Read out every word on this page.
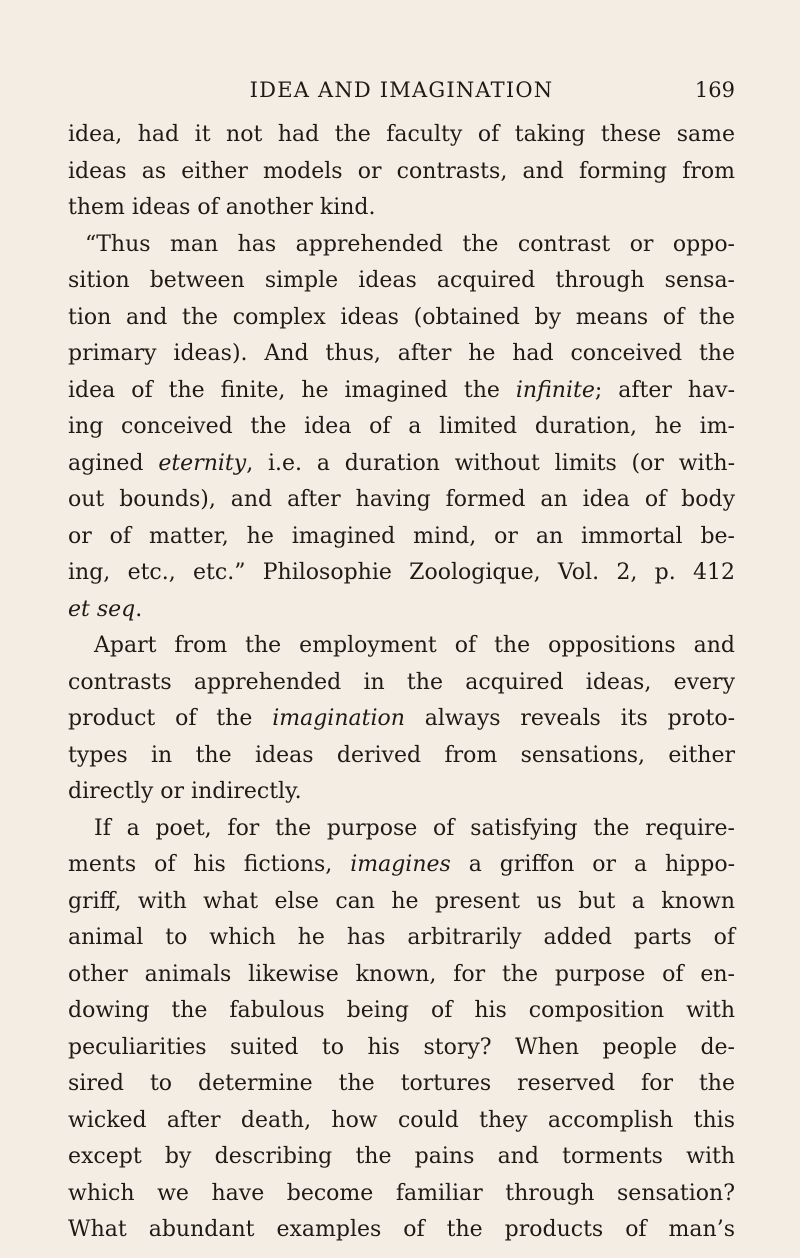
IDEA AND IMAGINATION	169
idea, had it not had the faculty of taking these same
ideas as either models or contrasts, and forming from
them ideas of another kind.
“Thus man has apprehended the contrast or oppo-
sition between simple ideas acquired through sensa-
tion and the complex ideas (obtained by means of the
primary ideas). And thus, after he had conceived the
idea of the finite, he imagined the infinite; after hav-
ing conceived the idea of a limited duration, he im-
agined eternity, i.e. a duration without limits (or with-
out bounds), and after having formed an idea of body
or of matter, he imagined mind, or an immortal be-
ing, etc., etc.” Philosophie Zoologique, Vol. 2, p. 412
et seq.
Apart from the employment of the oppositions and
contrasts apprehended in the acquired ideas, every
product of the imagination always reveals its proto-
types in the ideas derived from sensations, either
directly or indirectly.
If a poet, for the purpose of satisfying the require-
ments of his fictions, imagines a griffon or a hippo-
griff, with what else can he present us but a known
animal to which he has arbitrarily added parts of
other animals likewise known, for the purpose of en-
dowing the fabulous being of his composition with
peculiarities suited to his story? When people de-
sired to determine the tortures reserved for the
wicked after death, how could they accomplish this
except by describing the pains and torments with
which we have become familiar through sensation?
What abundant examples of the products of man’s
